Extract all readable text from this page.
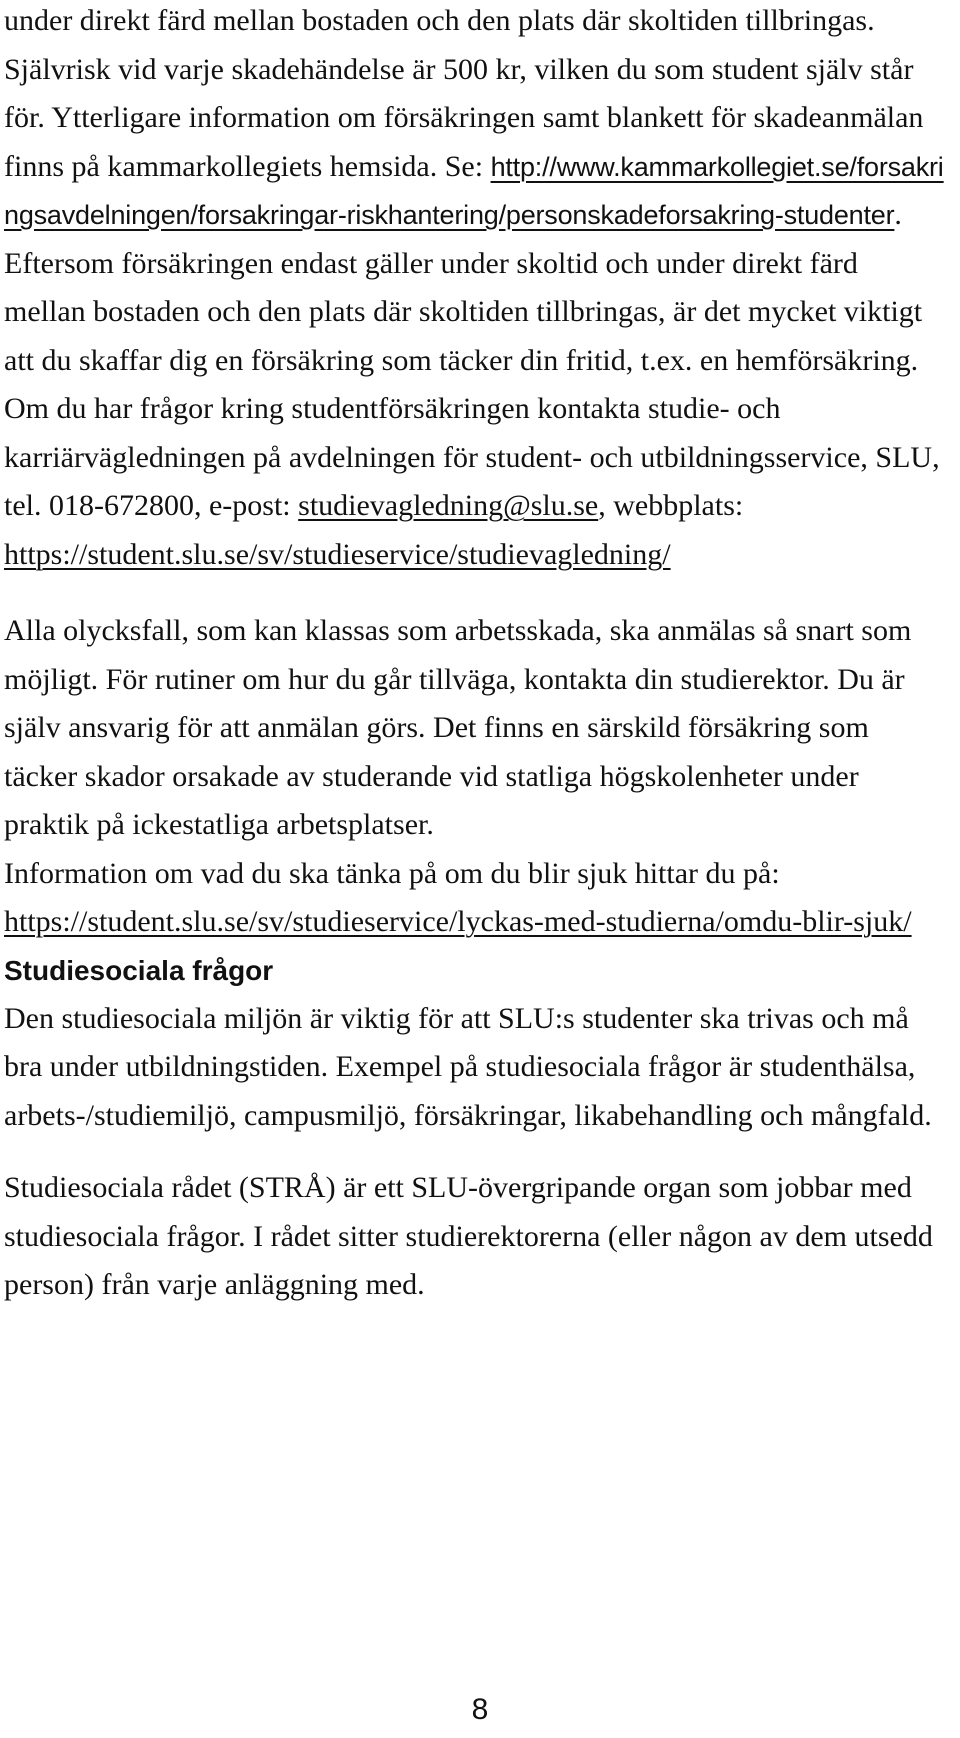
under direkt färd mellan bostaden och den plats där skoltiden tillbringas. Självrisk vid varje skadehändelse är 500 kr, vilken du som student själv står för. Ytterligare information om försäkringen samt blankett för skadeanmälan finns på kammarkollegiets hemsida. Se: http://www.kammarkollegiet.se/forsakringsavdelningen/forsakringar-riskhantering/personskadeforsakring-studenter. Eftersom försäkringen endast gäller under skoltid och under direkt färd mellan bostaden och den plats där skoltiden tillbringas, är det mycket viktigt att du skaffar dig en försäkring som täcker din fritid, t.ex. en hemförsäkring. Om du har frågor kring studentförsäkringen kontakta studie- och karriärvägledningen på avdelningen för student- och utbildningsservice, SLU, tel. 018-672800, e-post: studievagledning@slu.se, webbplats: https://student.slu.se/sv/studieservice/studievagledning/

Alla olycksfall, som kan klassas som arbetsskada, ska anmälas så snart som möjligt. För rutiner om hur du går tillväga, kontakta din studierektor. Du är själv ansvarig för att anmälan görs. Det finns en särskild försäkring som täcker skador orsakade av studerande vid statliga högskolenheter under praktik på ickestatliga arbetsplatser.
Information om vad du ska tänka på om du blir sjuk hittar du på: https://student.slu.se/sv/studieservice/lyckas-med-studierna/omdu-blir-sjuk/

Studiesociala frågor

Den studiesociala miljön är viktig för att SLU:s studenter ska trivas och må bra under utbildningstiden. Exempel på studiesociala frågor är studenthälsa, arbets-/studiemiljö, campusmiljö, försäkringar, likabehandling och mångfald.

Studiesociala rådet (STRÅ) är ett SLU-övergripande organ som jobbar med studiesociala frågor. I rådet sitter studierektorerna (eller någon av dem utsedd person) från varje anläggning med.

8
